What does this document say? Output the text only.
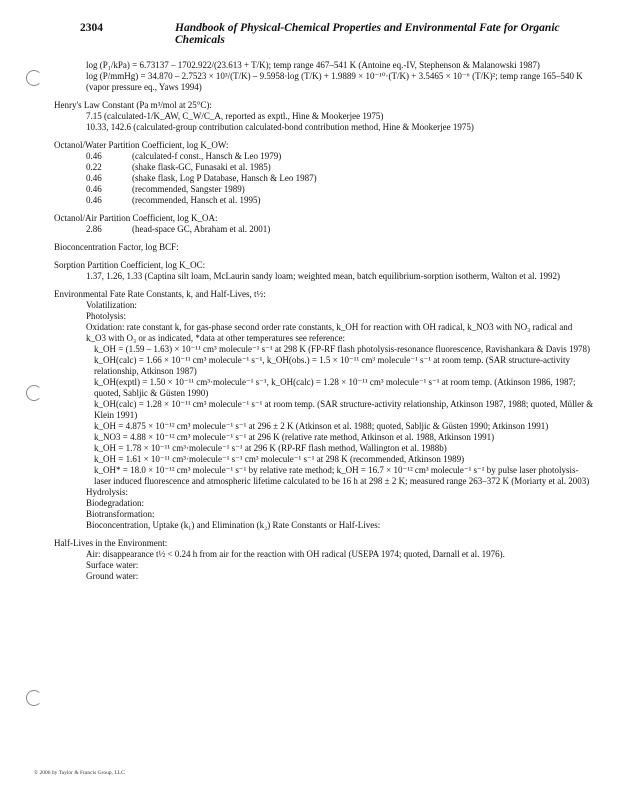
2304	Handbook of Physical-Chemical Properties and Environmental Fate for Organic Chemicals
log (P₁/kPa) = 6.73137 – 1702.922/(23.613 + T/K); temp range 467–541 K (Antoine eq.-IV, Stephenson & Malanowski 1987)
log (P/mmHg) = 34.870 – 2.7523 × 10³/(T/K) – 9.5958·log (T/K) + 1.9889 × 10⁻¹⁰·(T/K) + 3.5465 × 10⁻⁶ (T/K)²; temp range 165–540 K (vapor pressure eq., Yaws 1994)
Henry's Law Constant (Pa m³/mol at 25°C):
7.15 (calculated-1/K_AW, C_W/C_A, reported as exptl., Hine & Mookerjee 1975)
10.33, 142.6 (calculated-group contribution calculated-bond contribution method, Hine & Mookerjee 1975)
Octanol/Water Partition Coefficient, log K_OW:
0.46	(calculated-f const., Hansch & Leo 1979)
0.22	(shake flask-GC, Funasaki et al. 1985)
0.46	(shake flask, Log P Database, Hansch & Leo 1987)
0.46	(recommended, Sangster 1989)
0.46	(recommended, Hansch et al. 1995)
Octanol/Air Partition Coefficient, log K_OA:
2.86	(head-space GC, Abraham et al. 2001)
Bioconcentration Factor, log BCF:
Sorption Partition Coefficient, log K_OC:
1.37, 1.26, 1.33 (Captina silt loam, McLaurin sandy loam; weighted mean, batch equilibrium-sorption isotherm, Walton et al. 1992)
Environmental Fate Rate Constants, k, and Half-Lives, t½:
Volatilization:
Photolysis:
Oxidation: rate constant k, for gas-phase second order rate constants, k_OH for reaction with OH radical, k_NO3 with NO₃ radical and k_O3 with O₃ or as indicated, *data at other temperatures see reference:
k_OH = (1.59 – 1.63) × 10⁻¹¹ cm³ molecule⁻¹ s⁻¹ at 298 K (FP-RF flash photolysis-resonance fluorescence, Ravishankara & Davis 1978)
k_OH(calc) = 1.66 × 10⁻¹¹ cm³ molecule⁻¹ s⁻¹, k_OH(obs.) = 1.5 × 10⁻¹¹ cm³ molecule⁻¹ s⁻¹ at room temp. (SAR structure-activity relationship, Atkinson 1987)
k_OH(exptl) = 1.50 × 10⁻¹¹ cm³·molecule⁻¹ s⁻¹, k_OH(calc) = 1.28 × 10⁻¹¹ cm³ molecule⁻¹ s⁻¹ at room temp. (Atkinson 1986, 1987; quoted, Sabljic & Güsten 1990)
k_OH(calc) = 1.28 × 10⁻¹¹ cm³ molecule⁻¹ s⁻¹ at room temp. (SAR structure-activity relationship, Atkinson 1987, 1988; quoted, Müller & Klein 1991)
k_OH = 4.875 × 10⁻¹² cm³ molecule⁻¹ s⁻¹ at 296 ± 2 K (Atkinson et al. 1988; quoted, Sabljic & Güsten 1990; Atkinson 1991)
k_NO3 = 4.88 × 10⁻¹² cm³ molecule⁻¹ s⁻¹ at 296 K (relative rate method, Atkinson et al. 1988, Atkinson 1991)
k_OH = 1.78 × 10⁻¹¹ cm³·molecule⁻¹ s⁻¹ at 296 K (RP-RF flash method, Wallington et al. 1988b)
k_OH = 1.61 × 10⁻¹¹ cm³·molecule⁻¹ s⁻¹ cm³ molecule⁻¹ s⁻¹ at 298 K (recommended, Atkinson 1989)
k_OH* = 18.0 × 10⁻¹² cm³ molecule⁻¹ s⁻¹ by relative rate method; k_OH = 16.7 × 10⁻¹² cm³ molecule⁻¹ s⁻¹ by pulse laser photolysis-laser induced fluorescence and atmospheric lifetime calculated to be 16 h at 298 ± 2 K; measured range 263–372 K (Moriarty et al. 2003)
Hydrolysis:
Biodegradation:
Biotransformation:
Bioconcentration, Uptake (k₁) and Elimination (k₂) Rate Constants or Half-Lives:
Half-Lives in the Environment:
Air: disappearance t½ < 0.24 h from air for the reaction with OH radical (USEPA 1974; quoted, Darnall et al. 1976).
Surface water:
Ground water:
© 2006 by Taylor & Francis Group, LLC
